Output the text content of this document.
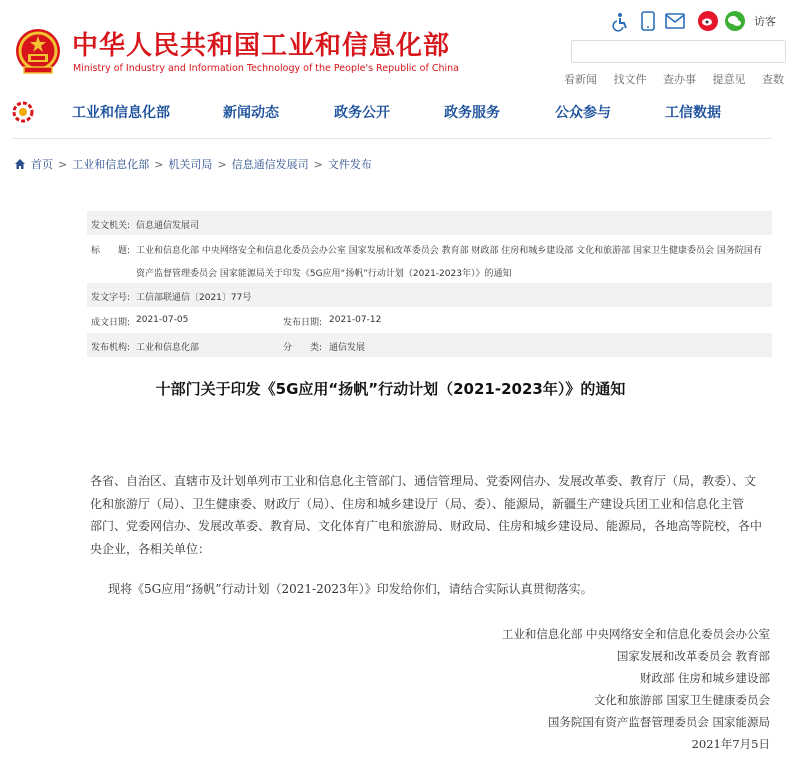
中华人民共和国工业和信息化部
Ministry of Industry and Information Technology of the People's Republic of China
访客
看新闻 找文件 查办事 提意见 查数
工业和信息化部	新闻动态	政务公开	政务服务	公众参与	工信数据
首页 > 工业和信息化部 > 机关司局 > 信息通信发展司 > 文件发布
发文机关: 信息通信发展司
标　　题: 工业和信息化部 中央网络安全和信息化委员会办公室 国家发展和改革委员会 教育部 财政部 住房和城乡建设部 文化和旅游部 国家卫生健康委员会 国务院国有
资产监督管理委员会 国家能源局关于印发《5G应用“扬帆”行动计划（2021-2023年）》的通知
发文字号: 工信部联通信〔2021〕77号
成文日期: 2021-07-05	发布日期: 2021-07-12
发布机构: 工业和信息化部	分　　类: 通信发展
十部门关于印发《5G应用“扬帆”行动计划（2021-2023年）》的通知
各省、自治区、直辖市及计划单列市工业和信息化主管部门、通信管理局、党委网信办、发展改革委、教育厅（局，教委）、文
化和旅游厅（局）、卫生健康委、财政厅（局）、住房和城乡建设厅（局、委）、能源局，新疆生产建设兵团工业和信息化主管
部门、党委网信办、发展改革委、教育局、文化体育广电和旅游局、财政局、住房和城乡建设局、能源局，各地高等院校，各中
央企业，各相关单位：
现将《5G应用“扬帆”行动计划（2021-2023年）》印发给你们，请结合实际认真贯彻落实。
工业和信息化部 中央网络安全和信息化委员会办公室
国家发展和改革委员会 教育部
财政部 住房和城乡建设部
文化和旅游部 国家卫生健康委员会
国务院国有资产监督管理委员会 国家能源局
2021年7月5日
